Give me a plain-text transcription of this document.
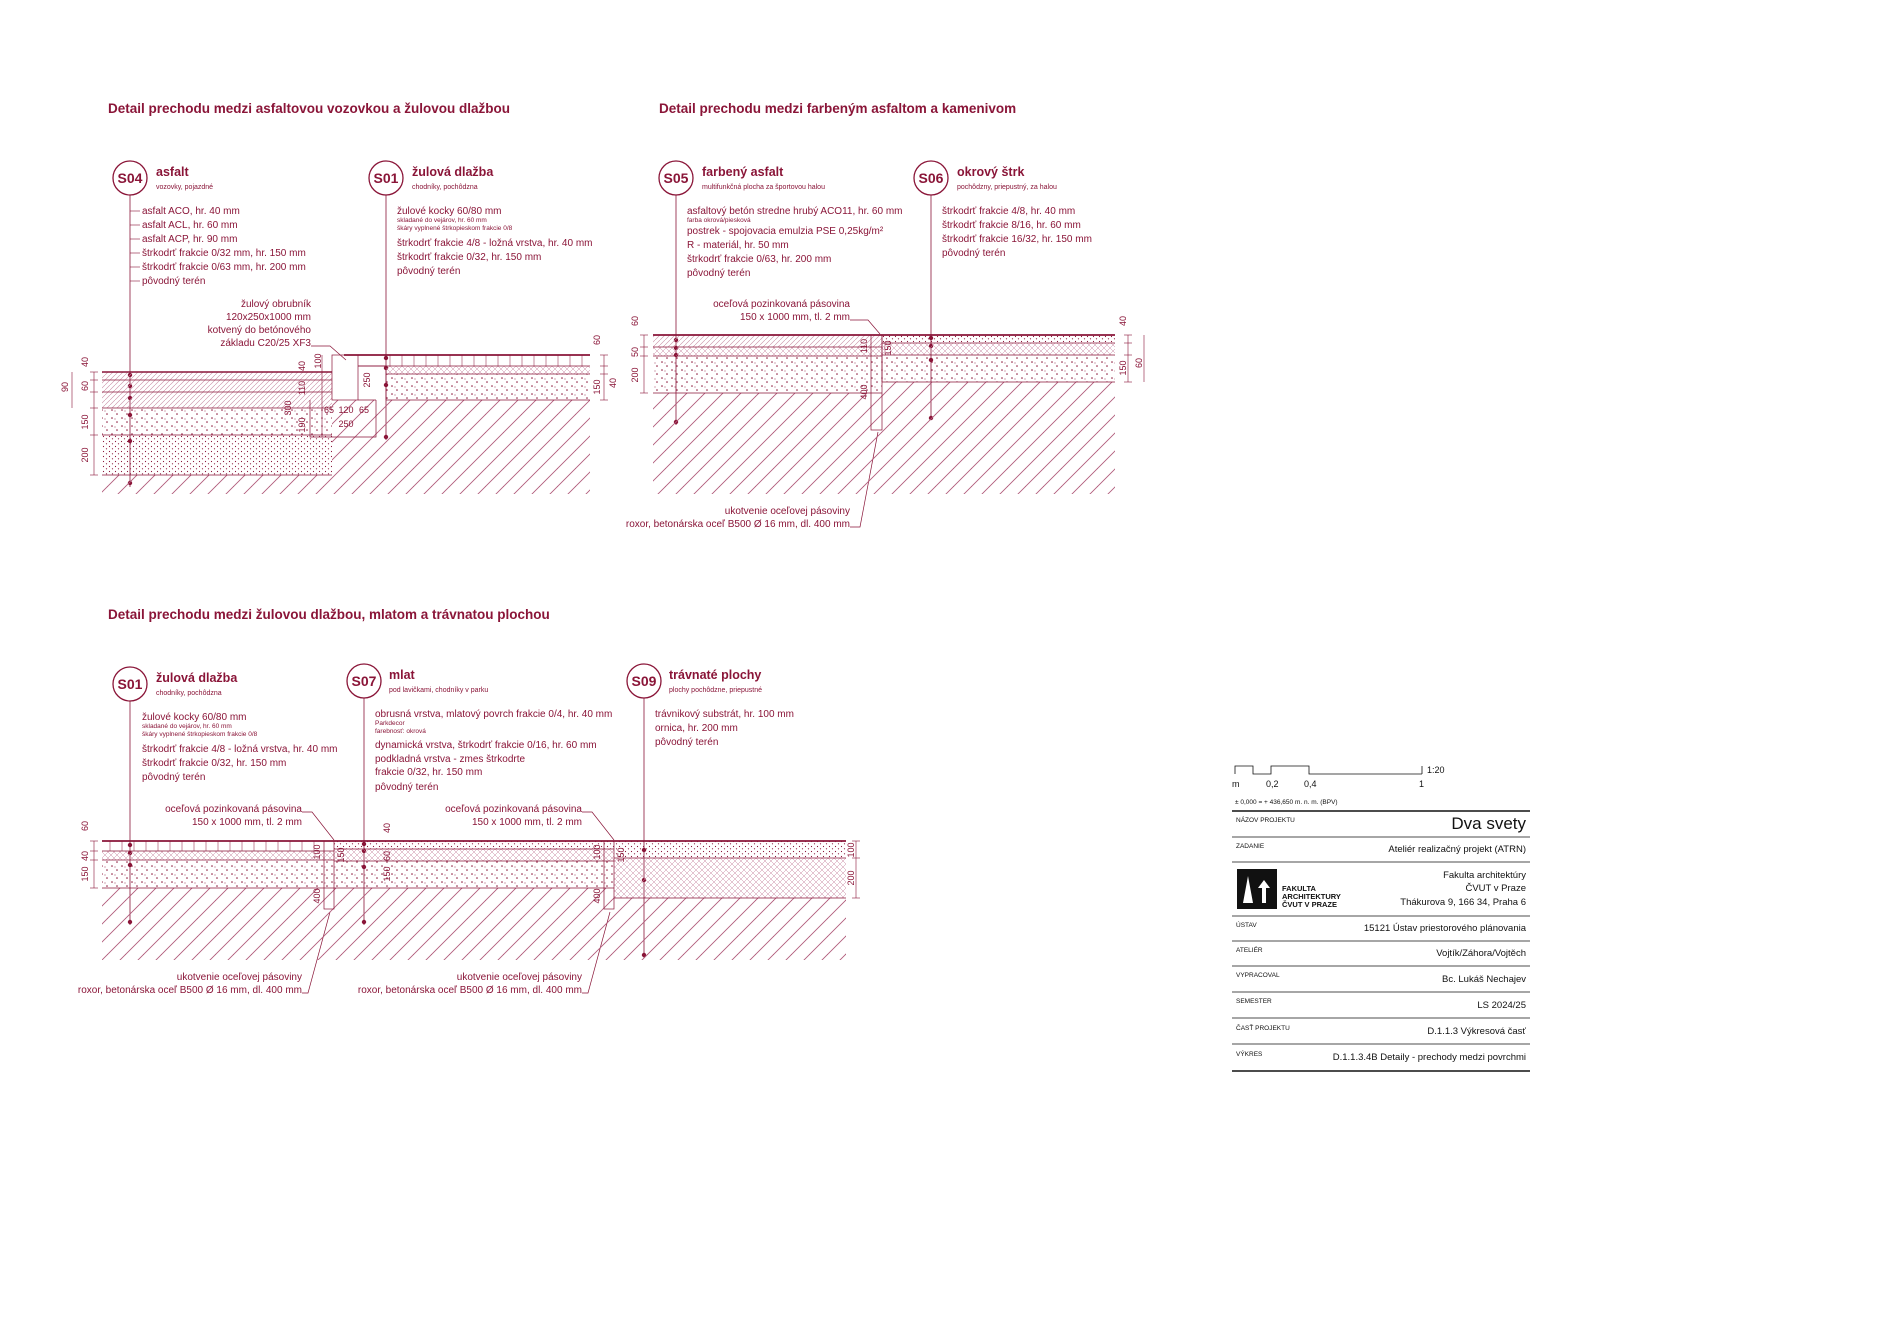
Detail prechodu medzi asfaltovou vozovkou a žulovou dlažbou
S04 asfalt
vozovky, pojazdné
asfalt ACO, hr. 40 mm
asfalt ACL, hr. 60 mm
asfalt ACP, hr. 90 mm
štrkodrť frakcie 0/32 mm, hr. 150 mm
štrkodrť frakcie 0/63 mm, hr. 200 mm
pôvodný terén
S01 žulová dlažba
chodníky, pochôdzna
žulové kocky 60/80 mm
skladané do vejárov, hr. 60 mm
škáry vyplnené štrkopieskom frakcie 0/8
štrkodrť frakcie 4/8 - ložná vrstva, hr. 40 mm
štrkodrť frakcie 0/32, hr. 150 mm
pôvodný terén
žulový obrubník
120x250x1000 mm
kotvený do betónového
základu C20/25 XF3
40
60
90
150
200
60
150 40
100
40
110
250
300
190
65 120 65
250
Detail prechodu medzi farbeným asfaltom a kamenivom
S05 farbený asfalt
multifunkčná plocha za športovou halou
asfaltový betón stredne hrubý ACO11, hr. 60 mm
farba okrová/piesková
postrek - spojovacia emulzia PSE 0,25kg/m²
R - materiál, hr. 50 mm
štrkodrť frakcie 0/63, hr. 200 mm
pôvodný terén
S06 okrový štrk
pochôdzny, priepustný, za halou
štrkodrť frakcie 4/8, hr. 40 mm
štrkodrť frakcie 8/16, hr. 60 mm
štrkodrť frakcie 16/32, hr. 150 mm
pôvodný terén
oceľová pozinkovaná pásovina
150 x 1000 mm, tl. 2 mm
ukotvenie oceľovej pásoviny
roxor, betonárska oceľ B500 Ø 16 mm, dl. 400 mm
60
50
200
110
400
150
40
60
150
Detail prechodu medzi žulovou dlažbou, mlatom a trávnatou plochou
S01 žulová dlažba
chodníky, pochôdzna
žulové kocky 60/80 mm
skladané do vejárov, hr. 60 mm
škáry vyplnené štrkopieskom frakcie 0/8
štrkodrť frakcie 4/8 - ložná vrstva, hr. 40 mm
štrkodrť frakcie 0/32, hr. 150 mm
pôvodný terén
S07 mlat
pod lavičkami, chodníky v parku
obrusná vrstva, mlatový povrch frakcie 0/4, hr. 40 mm
Parkdecor
farebnosť: okrová
dynamická vrstva, štrkodrť frakcie 0/16, hr. 60 mm
podkladná vrstva - zmes štrkodrte
frakcie 0/32, hr. 150 mm
pôvodný terén
S09 trávnaté plochy
plochy pochôdzne, priepustné
trávnikový substrát, hr. 100 mm
ornica, hr. 200 mm
pôvodný terén
oceľová pozinkovaná pásovina
150 x 1000 mm, tl. 2 mm
oceľová pozinkovaná pásovina
150 x 1000 mm, tl. 2 mm
ukotvenie oceľovej pásoviny
roxor, betonárska oceľ B500 Ø 16 mm, dl. 400 mm
ukotvenie oceľovej pásoviny
roxor, betonárska oceľ B500 Ø 16 mm, dl. 400 mm
60
40
150
100 150
400
40
60
150
100 150
400
100
200
m	0,2	0,4	1
1:20
± 0,000 = + 436,650 m. n. m. (BPV)
NÁZOV PROJEKTU	Dva svety
ZADANIE	Ateliér realizačný projekt (ATRN)
FAKULTA
ARCHITEKTURY
ČVUT V PRAZE
Fakulta architektúry
ČVUT v Praze
Thákurova 9, 166 34, Praha 6
ÚSTAV	15121 Ústav priestorového plánovania
ATELIÉR	Vojtík/Záhora/Vojtěch
VYPRACOVAL	Bc. Lukáš Nechajev
SEMESTER	LS 2024/25
ČASŤ PROJEKTU	D.1.1.3 Výkresová časť
VÝKRES	D.1.1.3.4B Detaily - prechody medzi povrchmi
